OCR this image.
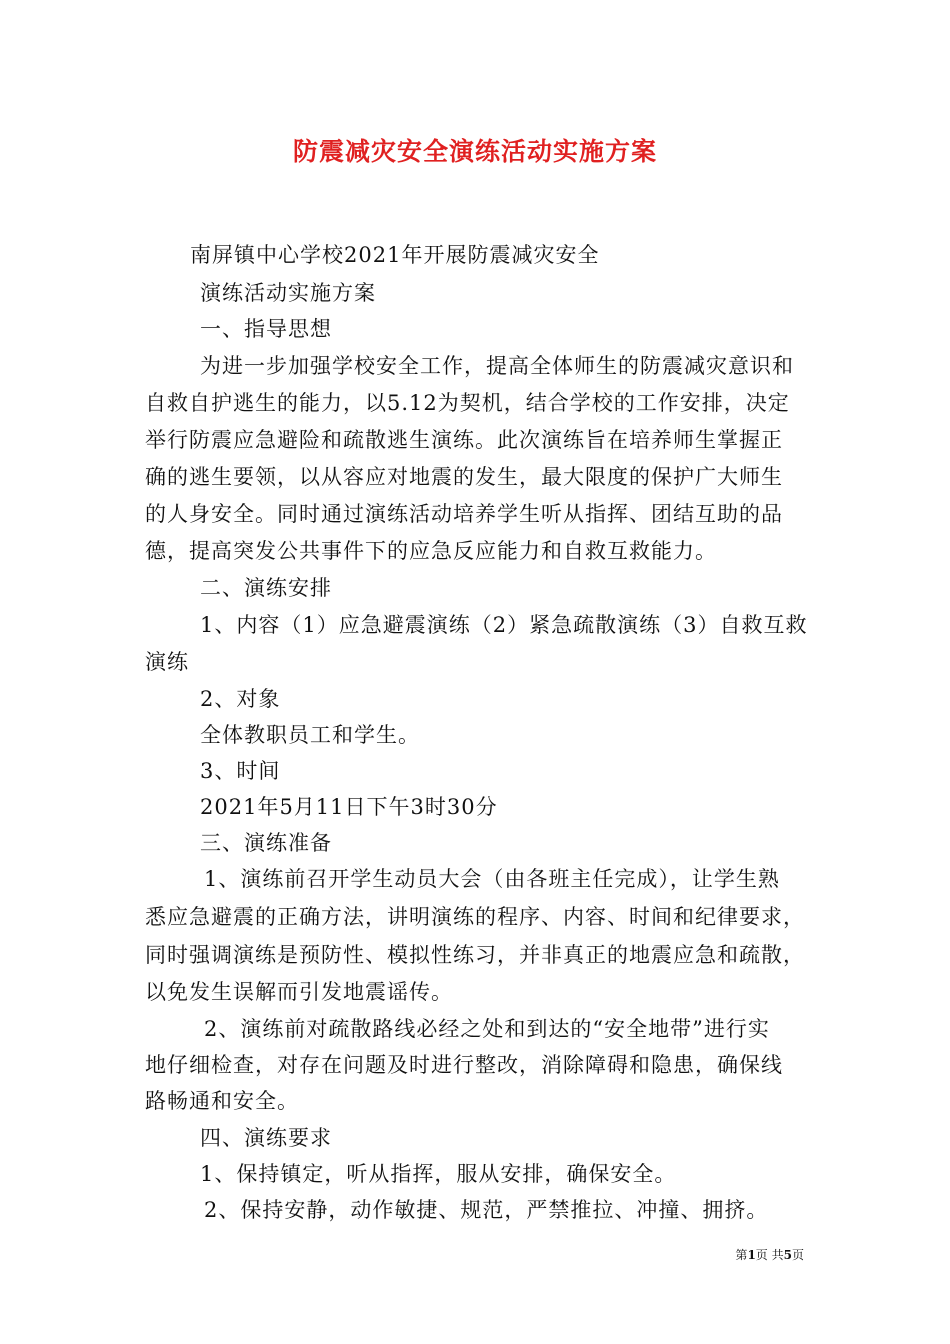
防震减灾安全演练活动实施方案
南屏镇中心学校2021年开展防震减灾安全
演练活动实施方案
一、指导思想
为进一步加强学校安全工作，提高全体师生的防震减灾意识和
自救自护逃生的能力，以5.12为契机，结合学校的工作安排，决定
举行防震应急避险和疏散逃生演练。此次演练旨在培养师生掌握正
确的逃生要领，以从容应对地震的发生，最大限度的保护广大师生
的人身安全。同时通过演练活动培养学生听从指挥、团结互助的品
德，提高突发公共事件下的应急反应能力和自救互救能力。
二、演练安排
1、内容（1）应急避震演练（2）紧急疏散演练（3）自救互救
演练
2、对象
全体教职员工和学生。
3、时间
2021年5月11日下午3时30分
三、演练准备
1、演练前召开学生动员大会（由各班主任完成），让学生熟
悉应急避震的正确方法，讲明演练的程序、内容、时间和纪律要求，
同时强调演练是预防性、模拟性练习，并非真正的地震应急和疏散，
以免发生误解而引发地震谣传。
2、演练前对疏散路线必经之处和到达的“安全地带”进行实
地仔细检查，对存在问题及时进行整改，消除障碍和隐患，确保线
路畅通和安全。
四、演练要求
1、保持镇定，听从指挥，服从安排，确保安全。
2、保持安静，动作敏捷、规范，严禁推拉、冲撞、拥挤。
第1页 共5页
